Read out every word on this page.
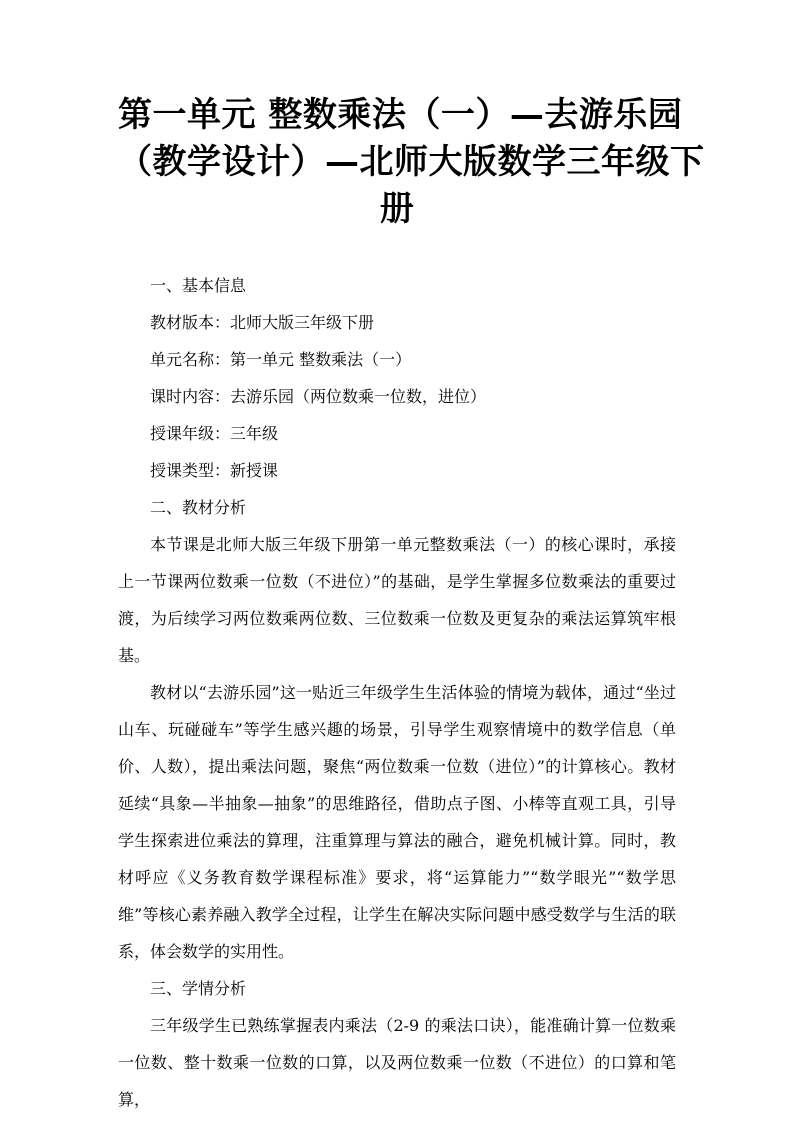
第一单元 整数乘法（一）—去游乐园
（教学设计）—北师大版数学三年级下
册

一、基本信息

教材版本：北师大版三年级下册

单元名称：第一单元 整数乘法（一）

课时内容：去游乐园（两位数乘一位数，进位）

授课年级：三年级

授课类型：新授课

二、教材分析

本节课是北师大版三年级下册第一单元整数乘法（一）的核心课时，承接上一节课两位数乘一位数（不进位）”的基础，是学生掌握多位数乘法的重要过渡，为后续学习两位数乘两位数、三位数乘一位数及更复杂的乘法运算筑牢根基。

教材以“去游乐园”这一贴近三年级学生生活体验的情境为载体，通过“坐过山车、玩碰碰车”等学生感兴趣的场景，引导学生观察情境中的数学信息（单价、人数），提出乘法问题，聚焦“两位数乘一位数（进位）”的计算核心。教材延续“具象—半抽象—抽象”的思维路径，借助点子图、小棒等直观工具，引导学生探索进位乘法的算理，注重算理与算法的融合，避免机械计算。同时，教材呼应《义务教育数学课程标准》要求，将“运算能力”“数学眼光”“数学思维”等核心素养融入教学全过程，让学生在解决实际问题中感受数学与生活的联系，体会数学的实用性。

三、学情分析

三年级学生已熟练掌握表内乘法（2-9 的乘法口诀），能准确计算一位数乘一位数、整十数乘一位数的口算，以及两位数乘一位数（不进位）的口算和笔算，
